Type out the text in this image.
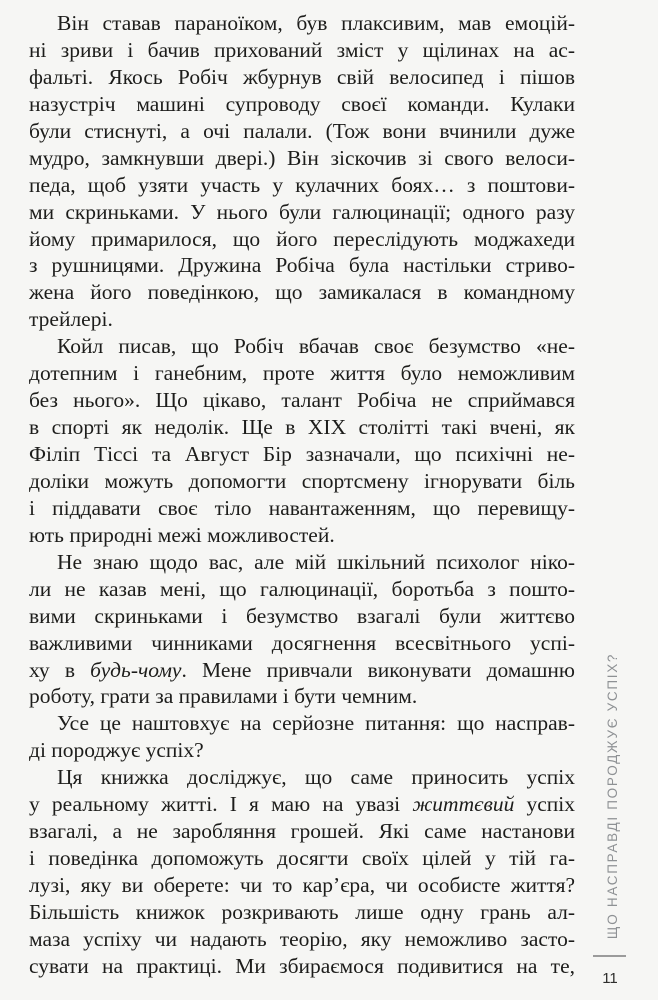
Він ставав параноїком, був плаксивим, мав емоцій-
ні зриви і бачив прихований зміст у щілинах на ас-
фальті. Якось Робіч жбурнув свій велосипед і пішов
назустріч машині супроводу своєї команди. Кулаки
були стиснуті, а очі палали. (Тож вони вчинили дуже
мудро, замкнувши двері.) Він зіскочив зі свого велоси-
педа, щоб узяти участь у кулачних боях… з поштови-
ми скриньками. У нього були галюцинації; одного разу
йому примарилося, що його переслідують моджахеди
з рушницями. Дружина Робіча була настільки стриво-
жена його поведінкою, що замикалася в командному
трейлері.
Койл писав, що Робіч вбачав своє безумство «не-
дотепним і ганебним, проте життя було неможливим
без нього». Що цікаво, талант Робіча не сприймався
в спорті як недолік. Ще в XIX столітті такі вчені, як
Філіп Тіссі та Август Бір зазначали, що психічні не-
доліки можуть допомогти спортсмену ігнорувати біль
і піддавати своє тіло навантаженням, що перевищу-
ють природні межі можливостей.
Не знаю щодо вас, але мій шкільний психолог ніко-
ли не казав мені, що галюцинації, боротьба з пошто-
вими скриньками і безумство взагалі були життєво
важливими чинниками досягнення всесвітнього успі-
ху в будь-чому. Мене привчали виконувати домашню
роботу, грати за правилами і бути чемним.
Усе це наштовхує на серйозне питання: що насправ-
ді породжує успіх?
Ця книжка досліджує, що саме приносить успіх
у реальному житті. І я маю на увазі життєвий успіх
взагалі, а не заробляння грошей. Які саме настанови
і поведінка допоможуть досягти своїх цілей у тій га-
лузі, яку ви оберете: чи то кар’єра, чи особисте життя?
Більшість книжок розкривають лише одну грань ал-
маза успіху чи надають теорію, яку неможливо засто-
сувати на практиці. Ми збираємося подивитися на те,
ЩО НАСПРАВДІ ПОРОДЖУЄ УСПІХ?
11
